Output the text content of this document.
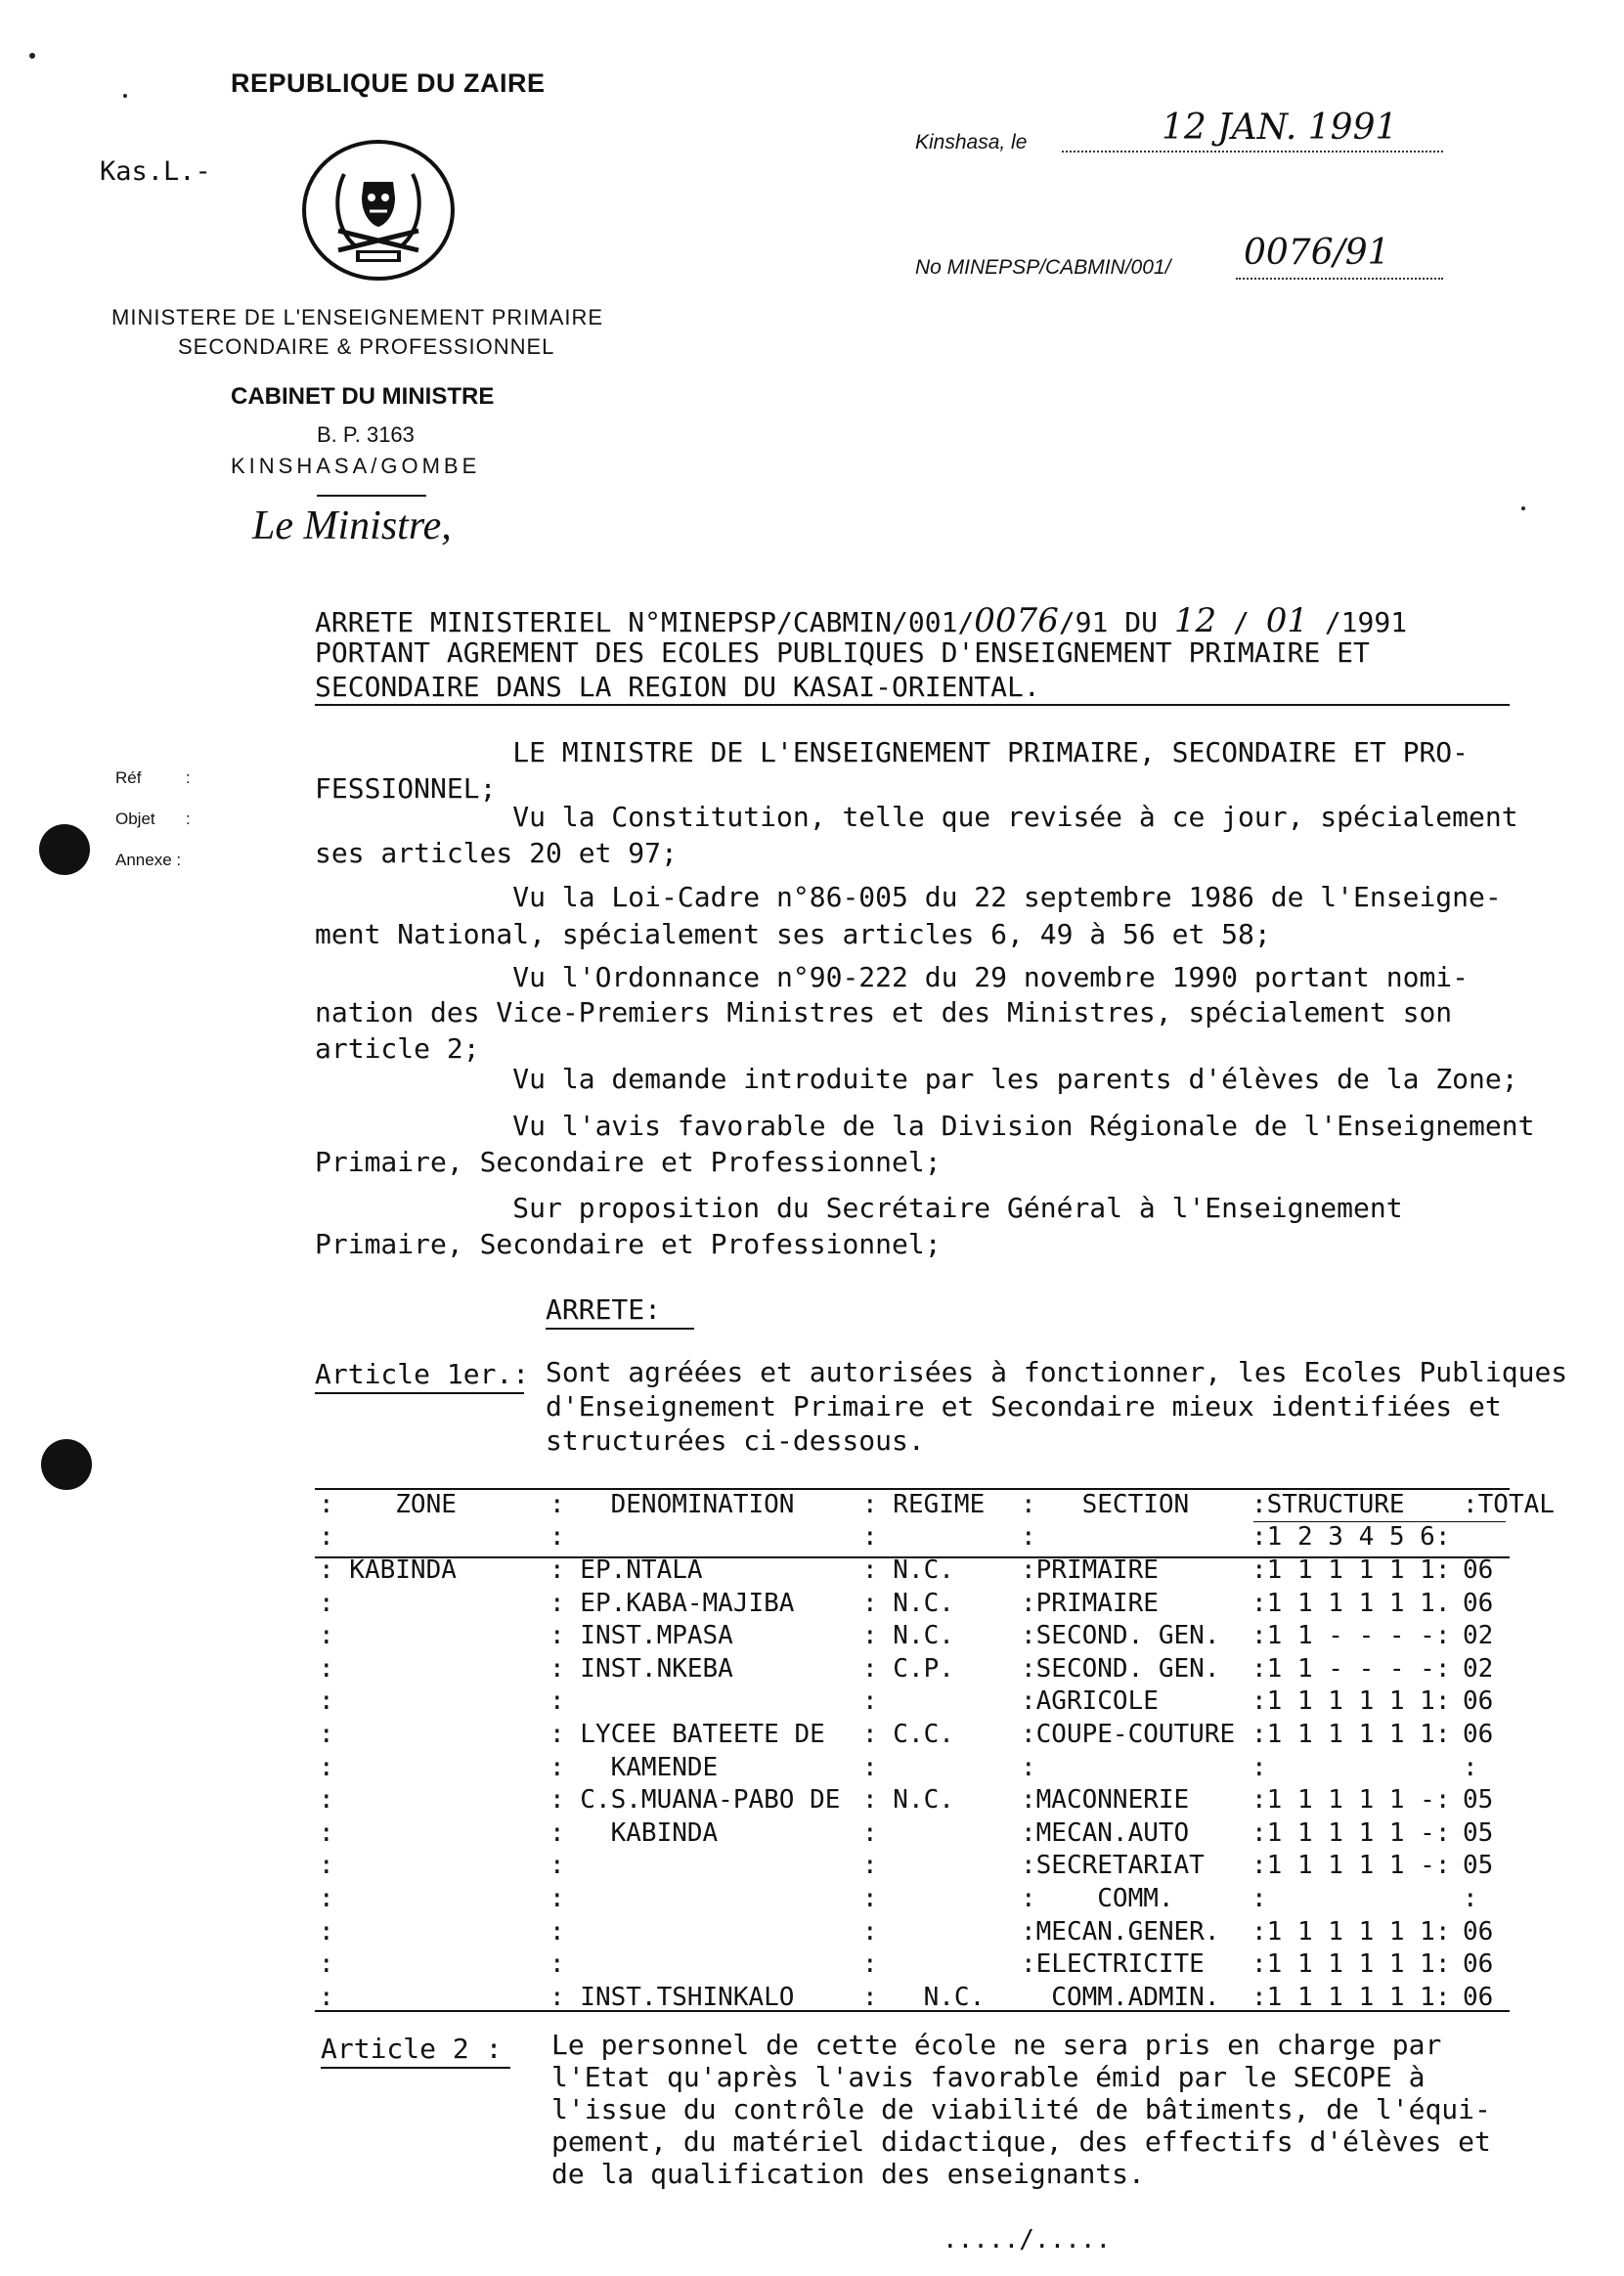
REPUBLIQUE DU ZAIRE
Kas.L.-
MINISTERE DE L'ENSEIGNEMENT PRIMAIRE
SECONDAIRE & PROFESSIONNEL
CABINET DU MINISTRE
B. P. 3163
KINSHASA/GOMBE
Le Ministre,
Kinshasa, le	12 JAN. 1991
No MINEPSP/CABMIN/001/ 0076/91
Réf	:
Objet :
Annexe :
ARRETE MINISTERIEL N°MINEPSP/CABMIN/001/0076/91 DU 12 / 01 /1991
PORTANT AGREMENT DES ECOLES PUBLIQUES D'ENSEIGNEMENT PRIMAIRE ET
SECONDAIRE DANS LA REGION DU KASAI-ORIENTAL.
LE MINISTRE DE L'ENSEIGNEMENT PRIMAIRE, SECONDAIRE ET PRO-
FESSIONNEL;
Vu la Constitution, telle que revisée à ce jour, spécialement
ses articles 20 et 97;
Vu la Loi-Cadre n°86-005 du 22 septembre 1986 de l'Enseigne-
ment National, spécialement ses articles 6, 49 à 56 et 58;
Vu l'Ordonnance n°90-222 du 29 novembre 1990 portant nomi-
nation des Vice-Premiers Ministres et des Ministres, spécialement son
article 2;
Vu la demande introduite par les parents d'élèves de la Zone;
Vu l'avis favorable de la Division Régionale de l'Enseignement
Primaire, Secondaire et Professionnel;
Sur proposition du Secrétaire Général à l'Enseignement
Primaire, Secondaire et Professionnel;
ARRETE:
Article 1er.: Sont agréées et autorisées à fonctionner, les Ecoles Publiques
d'Enseignement Primaire et Secondaire mieux identifiées et
structurées ci-dessous.
:    ZONE	:   DENOMINATION	: REGIME	:   SECTION	:STRUCTURE	:TOTAL
:	:	:	:	:1 2 3 4 5 6:	
: KABINDA	: EP.NTALA	: N.C.	:PRIMAIRE	:1 1 1 1 1 1:	06
:	: EP.KABA-MAJIBA	: N.C.	:PRIMAIRE	:1 1 1 1 1 1.	06
:	: INST.MPASA	: N.C.	:SECOND. GEN.	:1 1 - - - -:	02
:	: INST.NKEBA	: C.P.	:SECOND. GEN.	:1 1 - - - -:	02
:	:	:	:AGRICOLE	:1 1 1 1 1 1:	06
:	: LYCEE BATEETE DE	: C.C.	:COUPE-COUTURE	:1 1 1 1 1 1:	06
:	:   KAMENDE	:	:	:	:
:	: C.S.MUANA-PABO DE	: N.C.	:MACONNERIE	:1 1 1 1 1 -:	05
:	:   KABINDA	:	:MECAN.AUTO	:1 1 1 1 1 -:	05
:	:	:	:SECRETARIAT	:1 1 1 1 1 -:	05
:	:	:	:    COMM.	:	:
:	:	:	:MECAN.GENER.	:1 1 1 1 1 1:	06
:	:	:	:ELECTRICITE	:1 1 1 1 1 1:	06
:	: INST.TSHINKALO	:   N.C.	COMM.ADMIN.	:1 1 1 1 1 1:	06
Article 2 : Le personnel de cette école ne sera pris en charge par
l'Etat qu'après l'avis favorable émid par le SECOPE à
l'issue du contrôle de viabilité de bâtiments, de l'équi-
pement, du matériel didactique, des effectifs d'élèves et
de la qualification des enseignants.
...../.....
